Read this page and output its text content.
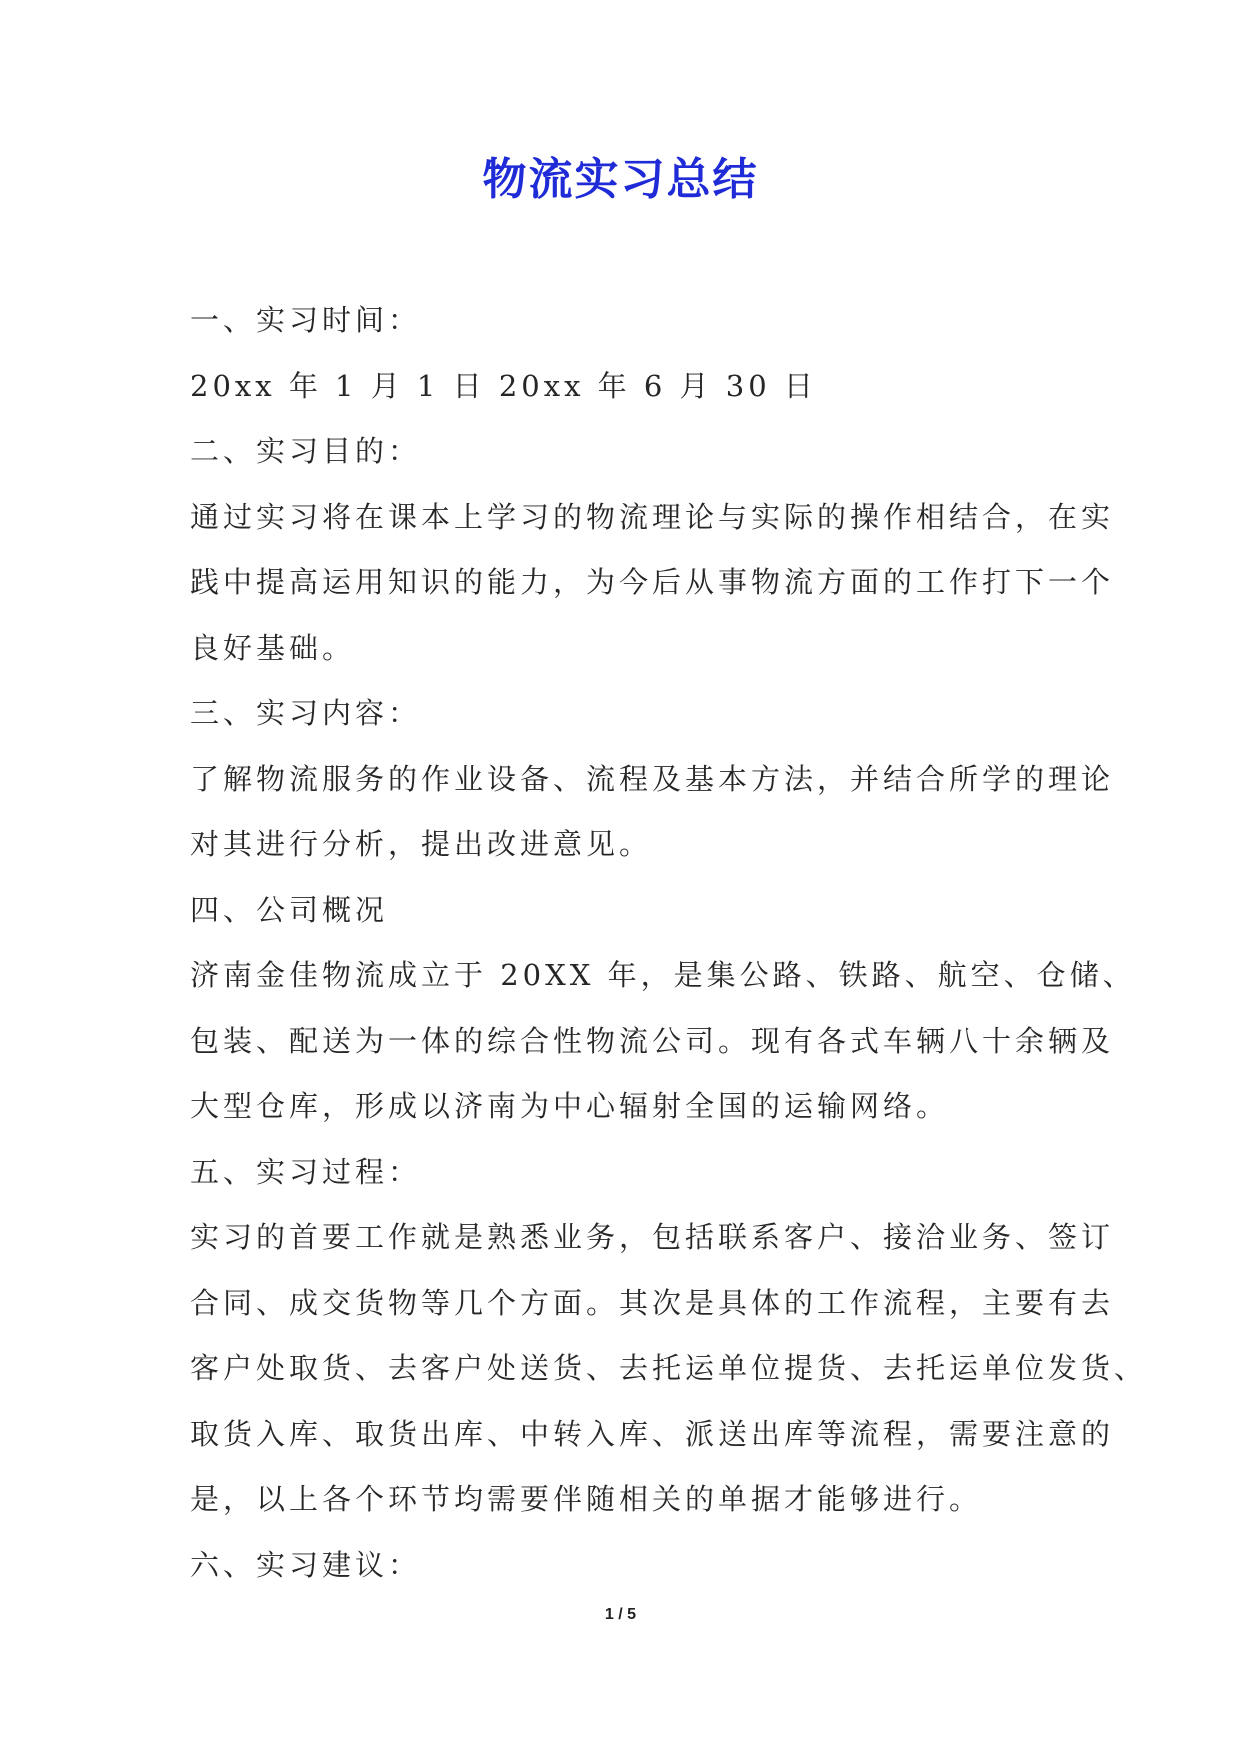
物流实习总结
一、实习时间：
20xx 年 1 月 1 日 20xx 年 6 月 30 日
二、实习目的：
通过实习将在课本上学习的物流理论与实际的操作相结合，在实
践中提高运用知识的能力，为今后从事物流方面的工作打下一个
良好基础。
三、实习内容：
了解物流服务的作业设备、流程及基本方法，并结合所学的理论
对其进行分析，提出改进意见。
四、公司概况
济南金佳物流成立于 20XX 年，是集公路、铁路、航空、仓储、
包装、配送为一体的综合性物流公司。现有各式车辆八十余辆及
大型仓库，形成以济南为中心辐射全国的运输网络。
五、实习过程：
实习的首要工作就是熟悉业务，包括联系客户、接洽业务、签订
合同、成交货物等几个方面。其次是具体的工作流程，主要有去
客户处取货、去客户处送货、去托运单位提货、去托运单位发货、
取货入库、取货出库、中转入库、派送出库等流程，需要注意的
是，以上各个环节均需要伴随相关的单据才能够进行。
六、实习建议：
1 / 5
